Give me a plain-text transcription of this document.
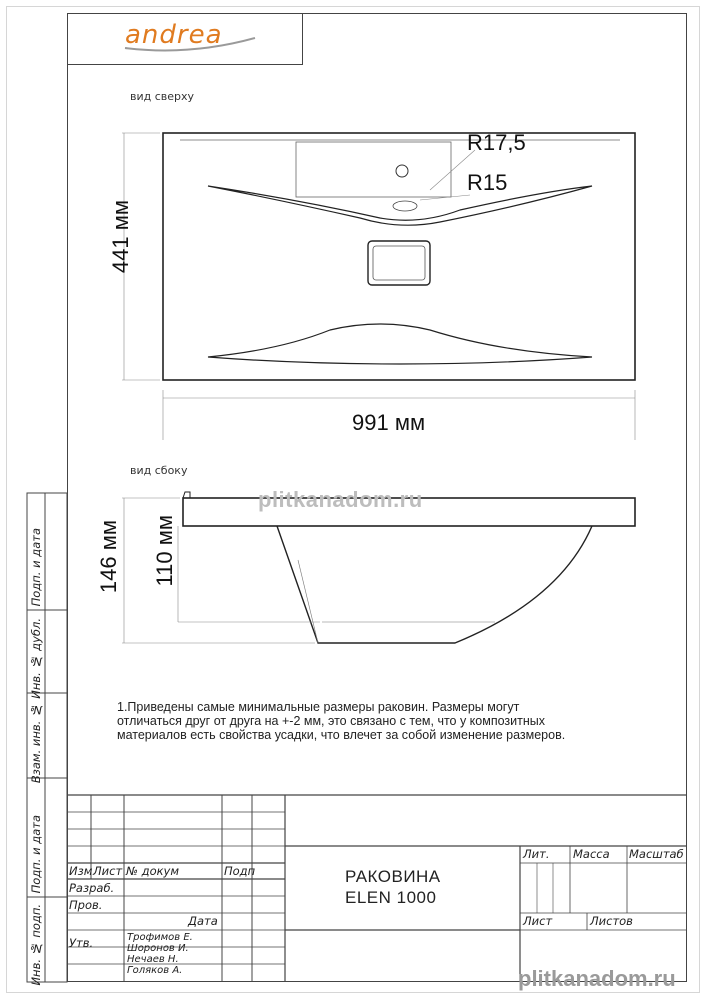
andrea
вид сверху
вид сбоку
R17,5
R15
991 мм
441 мм
146 мм 110 мм
plitkanadom.ru
1.Приведены самые минимальные размеры раковин. Размеры могут
отличаться друг от друга на +-2 мм, это связано с тем, что у композитных
материалов есть свойства усадки, что влечет за собой изменение размеров.
Подп. и дата
Инв. № дубл.
Взам. инв. №
Подп. и дата
Инв. № подп.
Изм Лист № докум	Подп
Дата
Разраб.
Пров.
Утв.	Трофимов Е.
Шоронов И.
Нечаев Н.
Голяков А.
РАКОВИНА
ELEN 1000
Лит. Масса Масштаб
Лист	Листов
plitkanadom.ru
